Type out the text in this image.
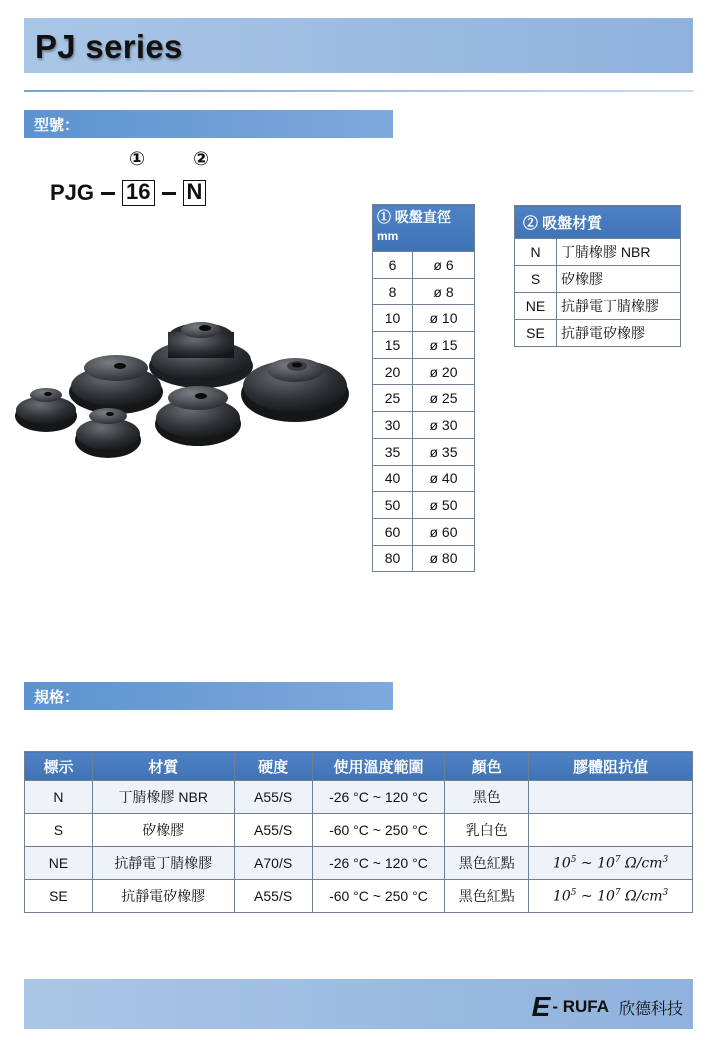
PJ series
型號：
①	②
PJG 16 N
① 吸盤直徑
mm	

6	ø 6
8	ø 8
10	ø 10
15	ø 15
20	ø 20
25	ø 25
30	ø 30
35	ø 35
40	ø 40
50	ø 50
60	ø 60
80	ø 80
② 吸盤材質	
N	丁腈橡膠 NBR
S	矽橡膠
NE	抗靜電丁腈橡膠
SE	抗靜電矽橡膠
規格：
標示	材質	硬度	使用溫度範圍	顏色	膠體阻抗值
N	丁腈橡膠 NBR	A55/S	-26 °C ~ 120 °C	黑色	
S	矽橡膠	A55/S	-60 °C ~ 250 °C	乳白色	
NE	抗靜電丁腈橡膠	A70/S	-26 °C ~ 120 °C	黑色紅點	$10^5$ ~ $10^7$ $\Omega/cm^3$
SE	抗靜電矽橡膠	A55/S	-60 °C ~ 250 °C	黑色紅點	$10^5$ ~ $10^7$ $\Omega/cm^3$
E - RUFA 欣德科技
